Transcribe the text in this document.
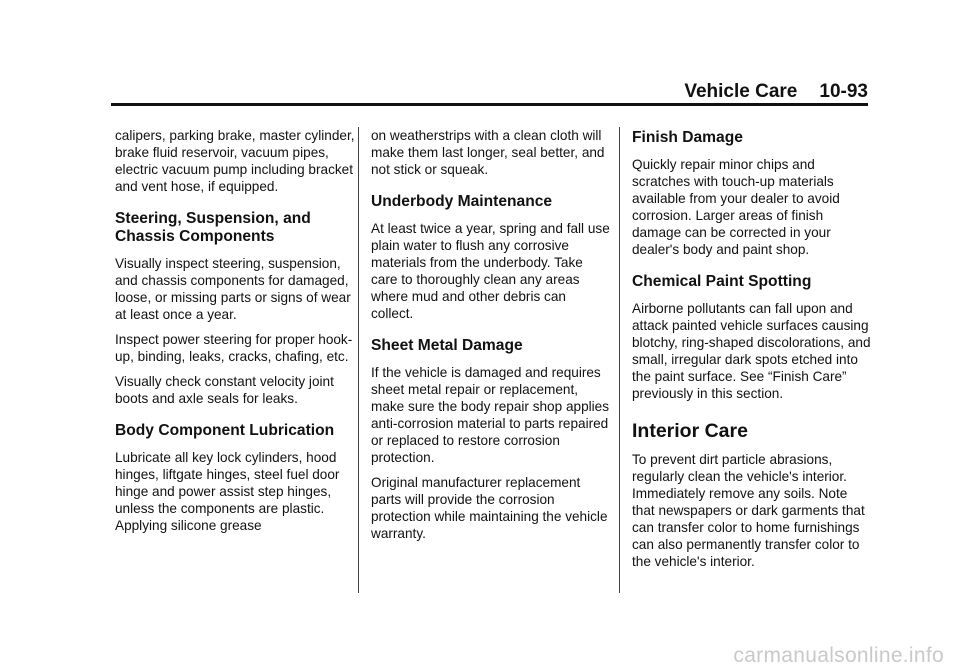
Vehicle Care 10-93

calipers, parking brake, master cylinder, brake fluid reservoir, vacuum pipes, electric vacuum pump including bracket and vent hose, if equipped.

Steering, Suspension, and Chassis Components

Visually inspect steering, suspension, and chassis components for damaged, loose, or missing parts or signs of wear at least once a year.

Inspect power steering for proper hook-up, binding, leaks, cracks, chafing, etc.

Visually check constant velocity joint boots and axle seals for leaks.

Body Component Lubrication

Lubricate all key lock cylinders, hood hinges, liftgate hinges, steel fuel door hinge and power assist step hinges, unless the components are plastic. Applying silicone grease

on weatherstrips with a clean cloth will make them last longer, seal better, and not stick or squeak.

Underbody Maintenance

At least twice a year, spring and fall use plain water to flush any corrosive materials from the underbody. Take care to thoroughly clean any areas where mud and other debris can collect.

Sheet Metal Damage

If the vehicle is damaged and requires sheet metal repair or replacement, make sure the body repair shop applies anti-corrosion material to parts repaired or replaced to restore corrosion protection.

Original manufacturer replacement parts will provide the corrosion protection while maintaining the vehicle warranty.

Finish Damage

Quickly repair minor chips and scratches with touch-up materials available from your dealer to avoid corrosion. Larger areas of finish damage can be corrected in your dealer's body and paint shop.

Chemical Paint Spotting

Airborne pollutants can fall upon and attack painted vehicle surfaces causing blotchy, ring-shaped discolorations, and small, irregular dark spots etched into the paint surface. See “Finish Care” previously in this section.

Interior Care

To prevent dirt particle abrasions, regularly clean the vehicle's interior. Immediately remove any soils. Note that newspapers or dark garments that can transfer color to home furnishings can also permanently transfer color to the vehicle's interior.

carmanualsonline.info
